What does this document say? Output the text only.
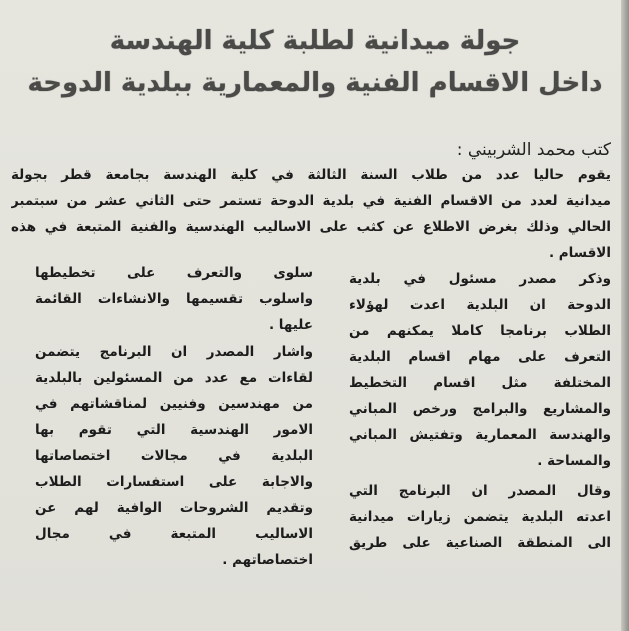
جولة ميدانية لطلبة كلية الهندسة
داخل الاقسام الفنية والمعمارية ببلدية الدوحة
كتب محمد الشربيني :
يقوم حاليا عدد من طلاب السنة الثالثة في كلية الهندسة بجامعة قطر بجولة
ميدانية لعدد من الاقسام الفنية في بلدية الدوحة تستمر حتى الثاني عشر من سبتمبر
الحالي وذلك بغرض الاطلاع عن كثب على الاساليب الهندسية والفنية المتبعة في هذه
الاقسام .
وذكر مصدر مسئول في بلدية
الدوحة ان البلدية اعدت لهؤلاء
الطلاب برنامجا كاملا يمكنهم من
التعرف على مهام اقسام البلدية
المختلفة مثل اقسام التخطيط
والمشاريع والبرامج ورخص المباني
والهندسة المعمارية وتفتيش المباني
والمساحة .
وقال المصدر ان البرنامج التي
اعدته البلدية يتضمن زيارات ميدانية
الى المنطقة الصناعية على طريق
سلوى والتعرف على تخطيطها
واسلوب تقسيمها والانشاءات القائمة
عليها .
واشار المصدر ان البرنامج يتضمن
لقاءات مع عدد من المسئولين بالبلدية
من مهندسين وفنيين لمناقشاتهم في
الامور الهندسية التي تقوم بها
البلدية في مجالات اختصاصاتها
والاجابة على استفسارات الطلاب
وتقديم الشروحات الوافية لهم عن
الاساليب المتبعة في مجال
اختصاصاتهم .
